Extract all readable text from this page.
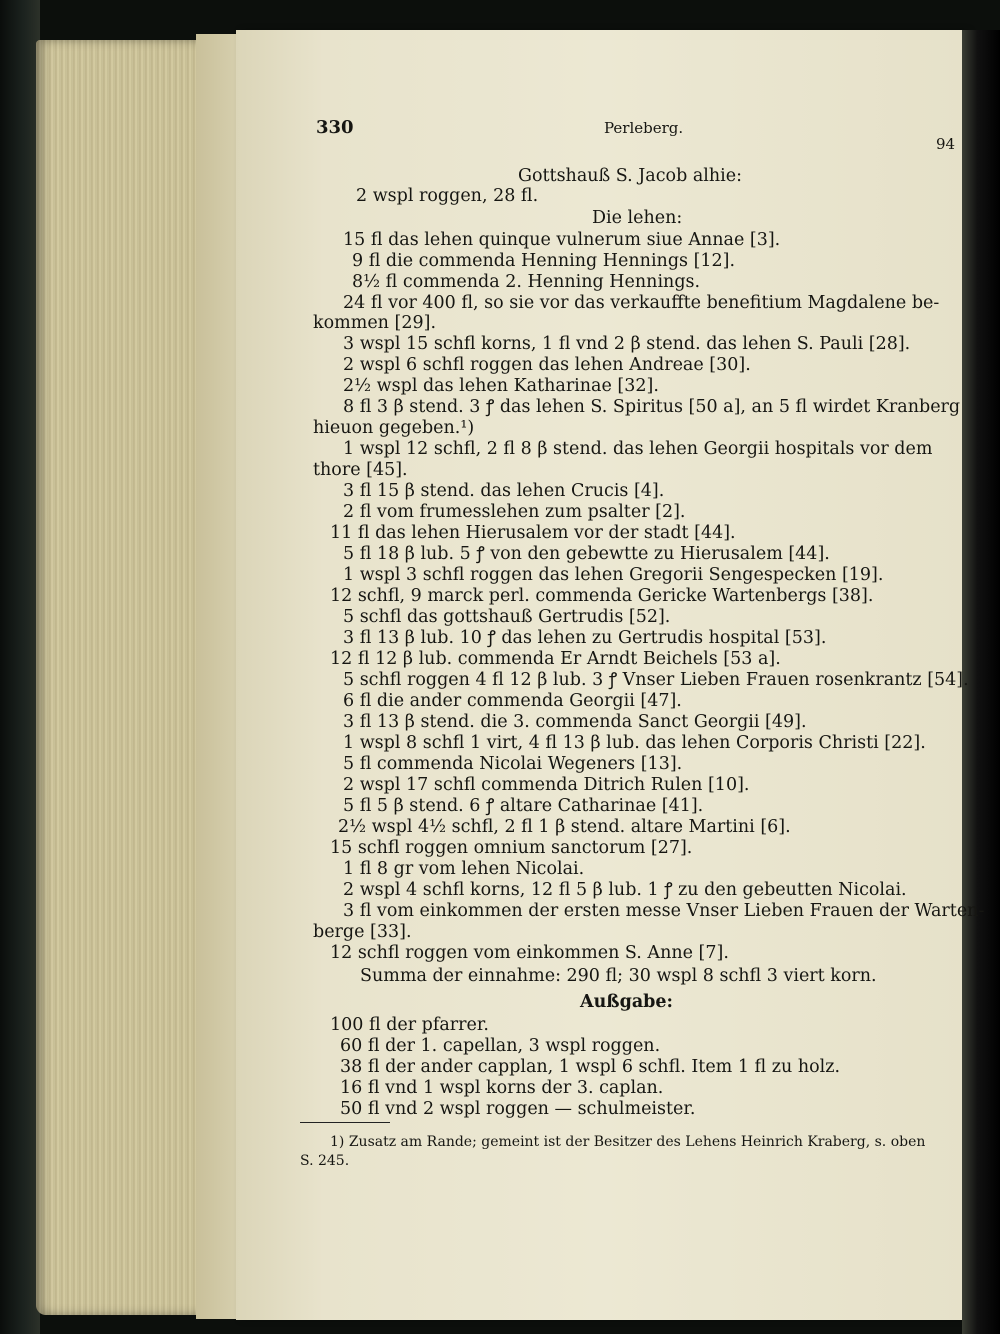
330	Perleberg.
94
Gottshauß S. Jacob alhie:
2 wspl roggen, 28 fl.
Die lehen:
15 fl das lehen quinque vulnerum siue Annae [3].
9 fl die commenda Henning Hennings [12].
8½ fl commenda 2. Henning Hennings.
24 fl vor 400 fl, so sie vor das verkauffte benefitium Magdalene be-
kommen [29].
3 wspl 15 schfl korns, 1 fl vnd 2 β stend. das lehen S. Pauli [28].
2 wspl 6 schfl roggen das lehen Andreae [30].
2½ wspl das lehen Katharinae [32].
8 fl 3 β stend. 3 ꝭ das lehen S. Spiritus [50 a], an 5 fl wirdet Kranberg
hieuon gegeben.¹)
1 wspl 12 schfl, 2 fl 8 β stend. das lehen Georgii hospitals vor dem
thore [45].
3 fl 15 β stend. das lehen Crucis [4].
2 fl vom frumesslehen zum psalter [2].
11 fl das lehen Hierusalem vor der stadt [44].
5 fl 18 β lub. 5 ꝭ von den gebewtte zu Hierusalem [44].
1 wspl 3 schfl roggen das lehen Gregorii Sengespecken [19].
12 schfl, 9 marck perl. commenda Gericke Wartenbergs [38].
5 schfl das gottshauß Gertrudis [52].
3 fl 13 β lub. 10 ꝭ das lehen zu Gertrudis hospital [53].
12 fl 12 β lub. commenda Er Arndt Beichels [53 a].
5 schfl roggen 4 fl 12 β lub. 3 ꝭ Vnser Lieben Frauen rosenkrantz [54].
6 fl die ander commenda Georgii [47].
3 fl 13 β stend. die 3. commenda Sanct Georgii [49].
1 wspl 8 schfl 1 virt, 4 fl 13 β lub. das lehen Corporis Christi [22].
5 fl commenda Nicolai Wegeners [13].
2 wspl 17 schfl commenda Ditrich Rulen [10].
5 fl 5 β stend. 6 ꝭ altare Catharinae [41].
2½ wspl 4½ schfl, 2 fl 1 β stend. altare Martini [6].
15 schfl roggen omnium sanctorum [27].
1 fl 8 gr vom lehen Nicolai.
2 wspl 4 schfl korns, 12 fl 5 β lub. 1 ꝭ zu den gebeutten Nicolai.
3 fl vom einkommen der ersten messe Vnser Lieben Frauen der Warten-
berge [33].
12 schfl roggen vom einkommen S. Anne [7].
Summa der einnahme: 290 fl; 30 wspl 8 schfl 3 viert korn.
Außgabe:
100 fl der pfarrer.
60 fl der 1. capellan, 3 wspl roggen.
38 fl der ander capplan, 1 wspl 6 schfl. Item 1 fl zu holz.
16 fl vnd 1 wspl korns der 3. caplan.
50 fl vnd 2 wspl roggen — schulmeister.
1) Zusatz am Rande; gemeint ist der Besitzer des Lehens Heinrich Kraberg, s. oben
S. 245.
